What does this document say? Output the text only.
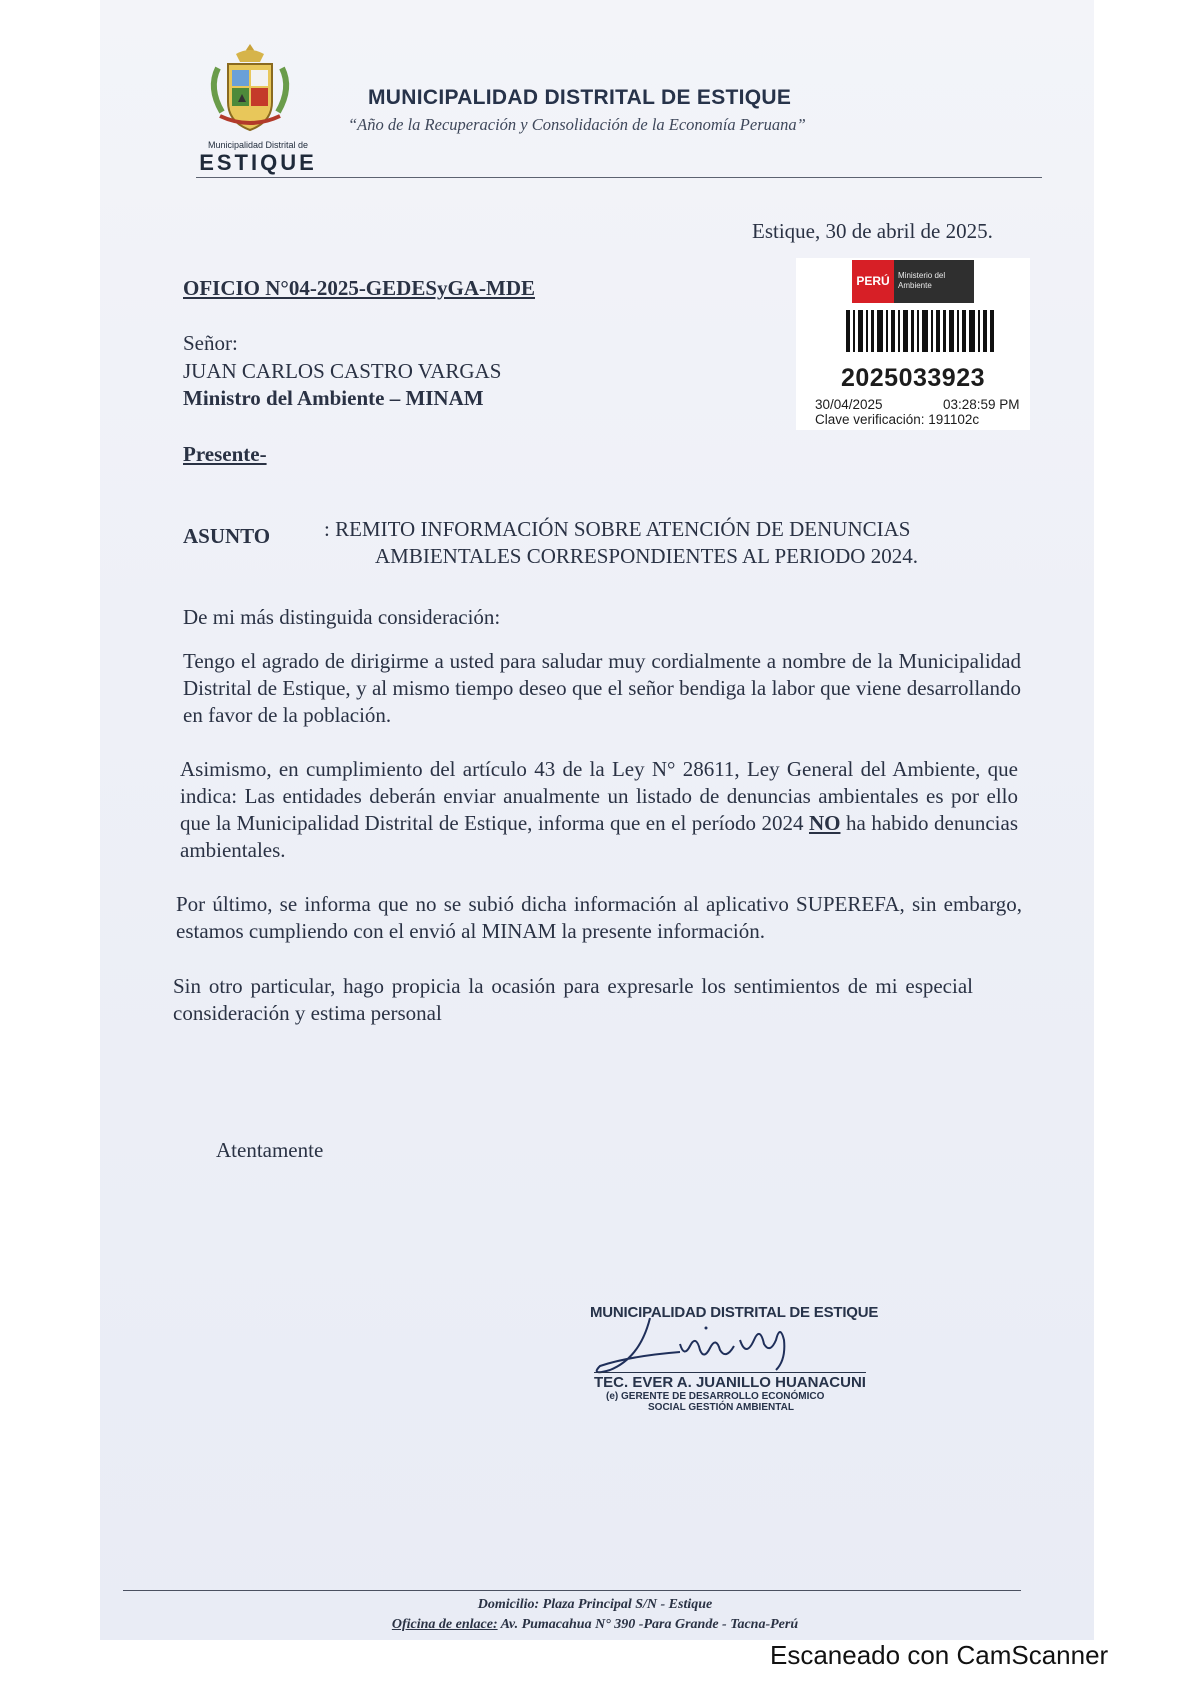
Municipalidad Distrital de
ESTIQUE
MUNICIPALIDAD DISTRITAL DE ESTIQUE
“Año de la Recuperación y Consolidación de la Economía Peruana”
Estique, 30 de abril de 2025.
OFICIO N°04-2025-GEDESyGA-MDE	PERÚ	Ministerio del Ambiente
2025033923
30/04/2025	03:28:59 PM
Clave verificación: 191102c
Señor:
JUAN CARLOS CASTRO VARGAS
Ministro del Ambiente – MINAM
Presente-
ASUNTO	: REMITO INFORMACIÓN SOBRE ATENCIÓN DE DENUNCIAS
AMBIENTALES CORRESPONDIENTES AL PERIODO 2024.
De mi más distinguida consideración:
Tengo el agrado de dirigirme a usted para saludar muy cordialmente a nombre de la Municipalidad Distrital de Estique, y al mismo tiempo deseo que el señor bendiga la labor que viene desarrollando en favor de la población.
Asimismo, en cumplimiento del artículo 43 de la Ley N° 28611, Ley General del Ambiente, que indica: Las entidades deberán enviar anualmente un listado de denuncias ambientales es por ello que la Municipalidad Distrital de Estique, informa que en el período 2024 NO ha habido denuncias ambientales.
Por último, se informa que no se subió dicha información al aplicativo SUPEREFA, sin embargo, estamos cumpliendo con el envió al MINAM la presente información.
Sin otro particular, hago propicia la ocasión para expresarle los sentimientos de mi especial consideración y estima personal
Atentamente
MUNICIPALIDAD DISTRITAL DE ESTIQUE
TEC. EVER A. JUANILLO HUANACUNI
(e) GERENTE DE DESARROLLO ECONÓMICO
SOCIAL GESTIÓN AMBIENTAL
Domicilio: Plaza Principal S/N - Estique
Oficina de enlace: Av. Pumacahua N° 390 -Para Grande - Tacna-Perú
Escaneado con CamScanner
